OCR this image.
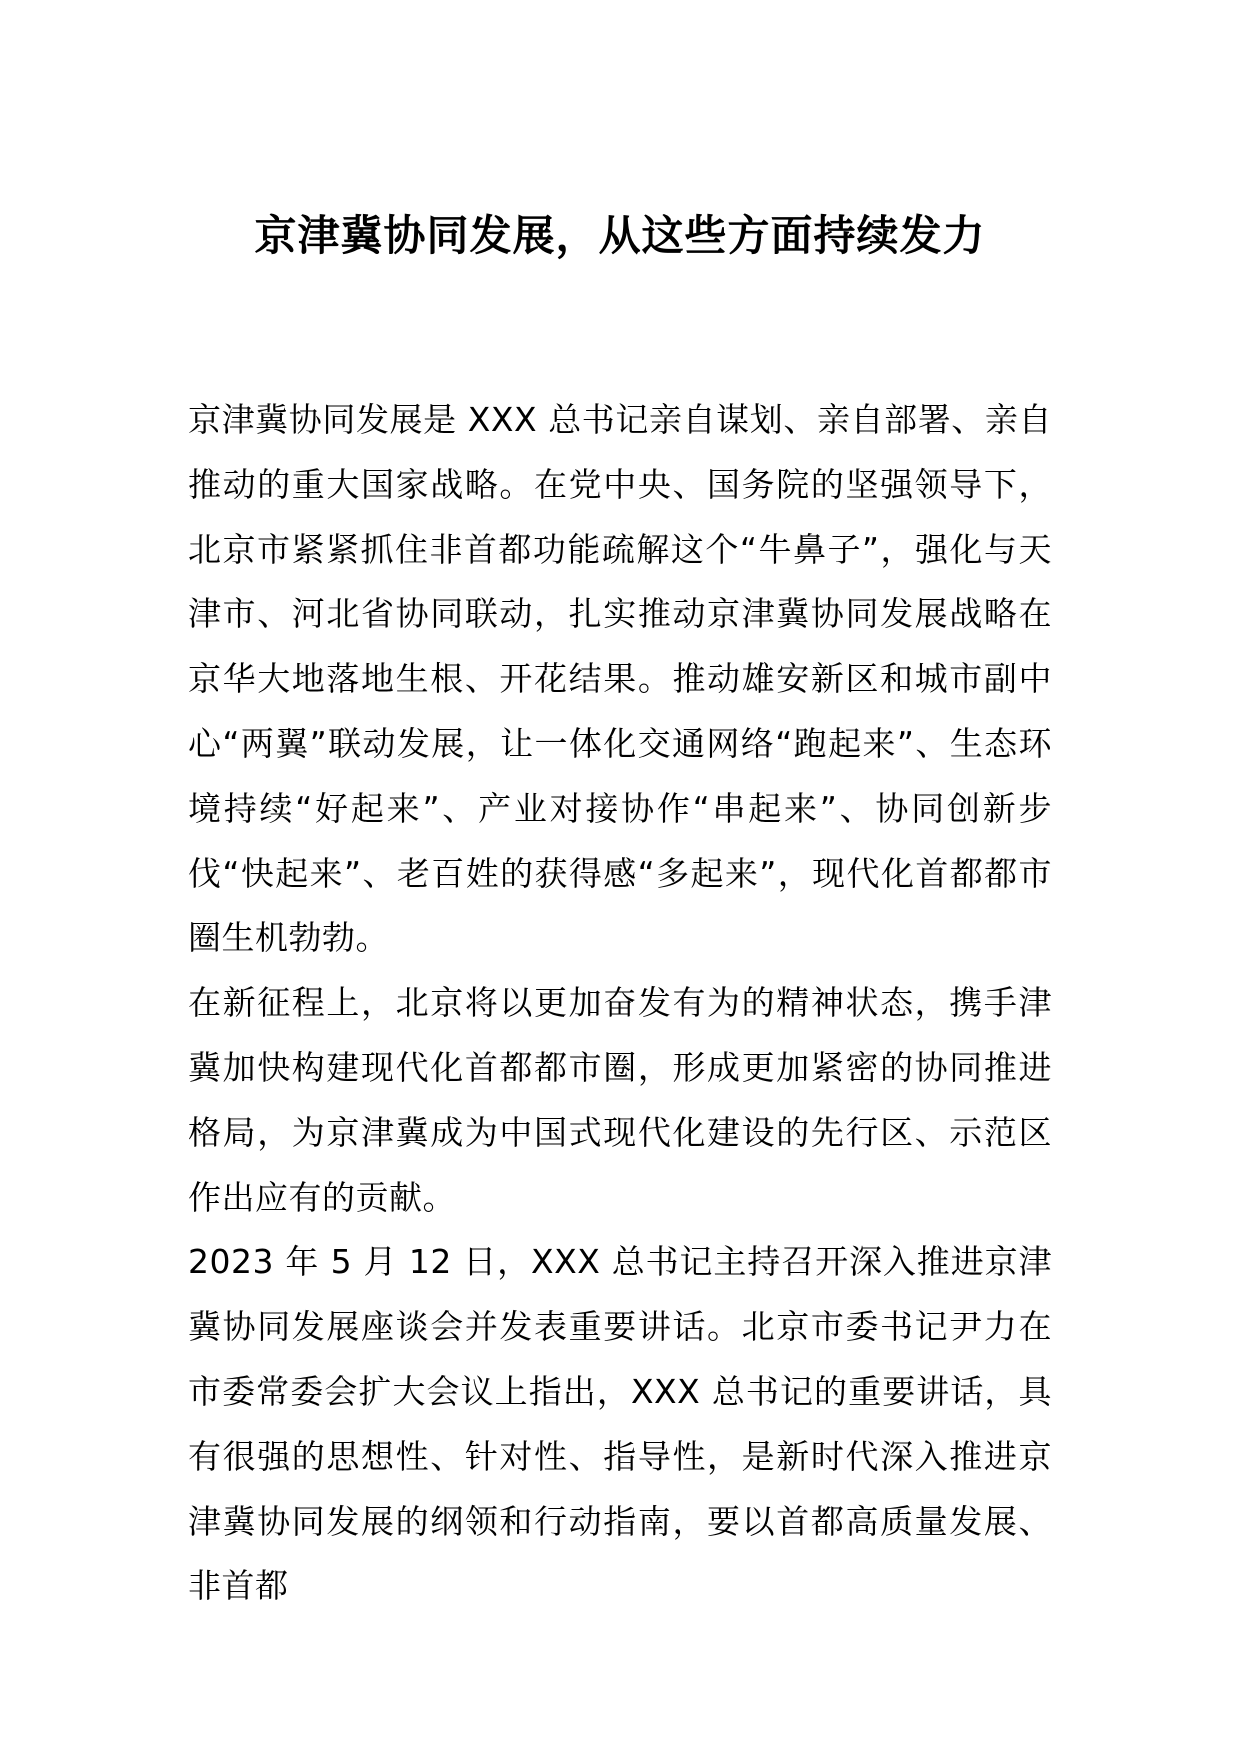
京津冀协同发展，从这些方面持续发力

京津冀协同发展是 XXX 总书记亲自谋划、亲自部署、亲自推动的重大国家战略。在党中央、国务院的坚强领导下，北京市紧紧抓住非首都功能疏解这个“牛鼻子”，强化与天津市、河北省协同联动，扎实推动京津冀协同发展战略在京华大地落地生根、开花结果。推动雄安新区和城市副中心“两翼”联动发展，让一体化交通网络“跑起来”、生态环境持续“好起来”、产业对接协作“串起来”、协同创新步伐“快起来”、老百姓的获得感“多起来”，现代化首都都市圈生机勃勃。

在新征程上，北京将以更加奋发有为的精神状态，携手津冀加快构建现代化首都都市圈，形成更加紧密的协同推进格局，为京津冀成为中国式现代化建设的先行区、示范区作出应有的贡献。

2023 年 5 月 12 日，XXX 总书记主持召开深入推进京津冀协同发展座谈会并发表重要讲话。北京市委书记尹力在市委常委会扩大会议上指出，XXX 总书记的重要讲话，具有很强的思想性、针对性、指导性，是新时代深入推进京津冀协同发展的纲领和行动指南，要以首都高质量发展、非首都
